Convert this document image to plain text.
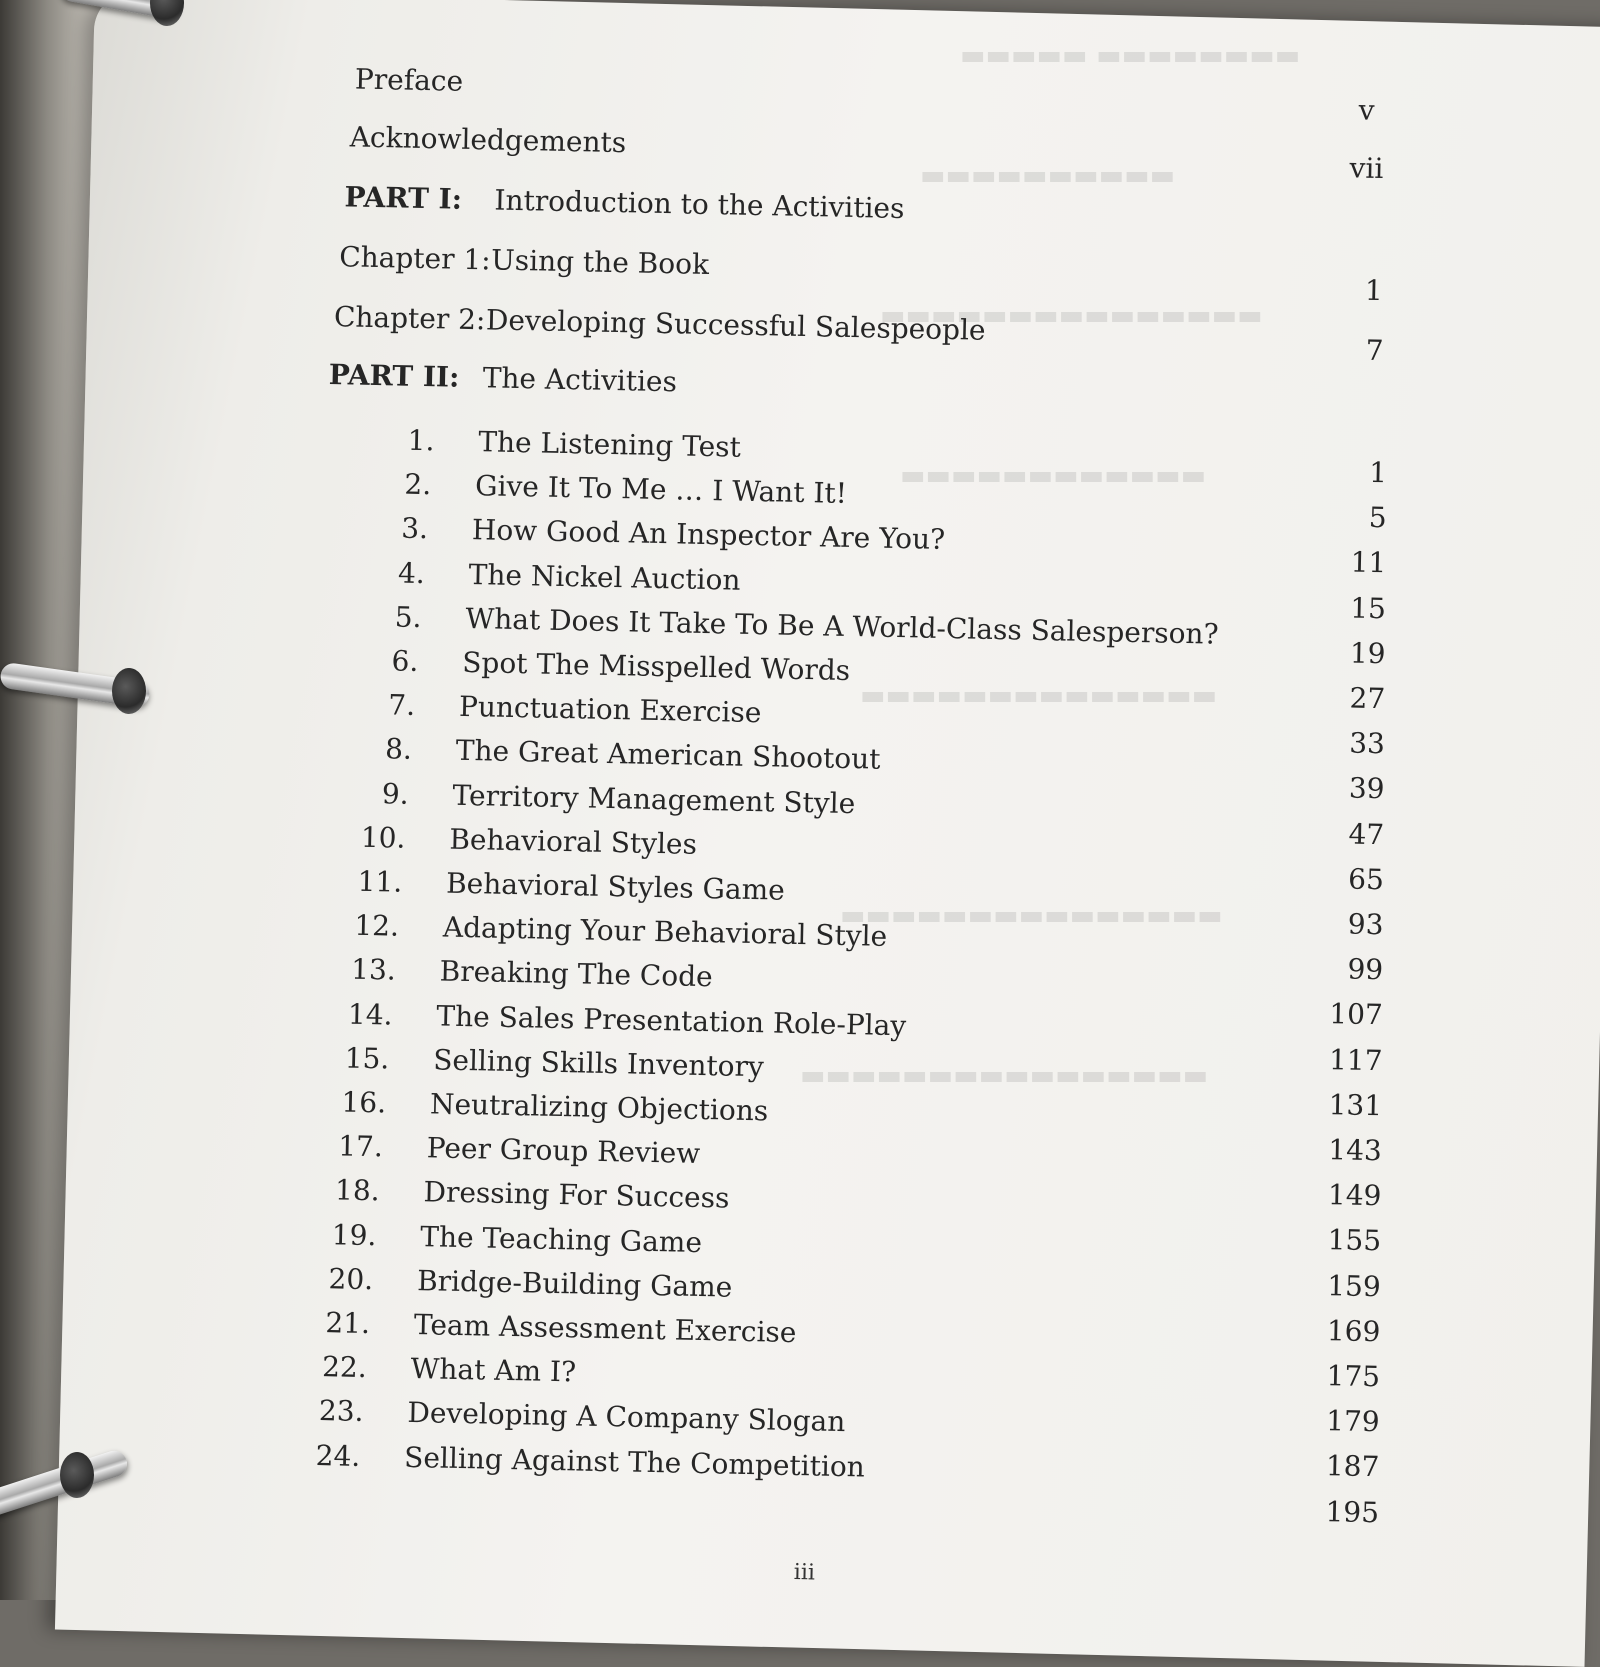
▬▬▬▬▬▬▬▬ ▬▬▬▬▬
▬▬▬▬▬▬▬▬▬▬
▬▬▬▬▬▬▬▬▬▬▬▬▬▬▬
▬▬▬▬▬▬▬▬▬▬▬▬
▬▬▬▬▬▬▬▬▬▬▬▬▬▬
▬▬▬▬▬▬▬▬▬▬▬▬▬▬▬
▬▬▬▬▬▬▬▬▬▬▬▬▬▬▬▬
Preface
v
Acknowledgements
vii
PART I: Introduction to the Activities
Chapter 1: Using the Book
1
Chapter 2: Developing Successful Salespeople
7
PART II: The Activities
1. The Listening Test
1
2. Give It To Me … I Want It!
5
3. How Good An Inspector Are You?
11
4. The Nickel Auction
15
5. What Does It Take To Be A World-Class Salesperson?
19
6. Spot The Misspelled Words
27
7. Punctuation Exercise
33
8. The Great American Shootout
39
9. Territory Management Style
47
10. Behavioral Styles
65
11. Behavioral Styles Game
93
12. Adapting Your Behavioral Style
99
13. Breaking The Code
107
14. The Sales Presentation Role-Play
117
15. Selling Skills Inventory
131
16. Neutralizing Objections
143
17. Peer Group Review
149
18. Dressing For Success
155
19. The Teaching Game
159
20. Bridge-Building Game
169
21. Team Assessment Exercise
175
22. What Am I?
179
23. Developing A Company Slogan
187
24. Selling Against The Competition
195
iii
